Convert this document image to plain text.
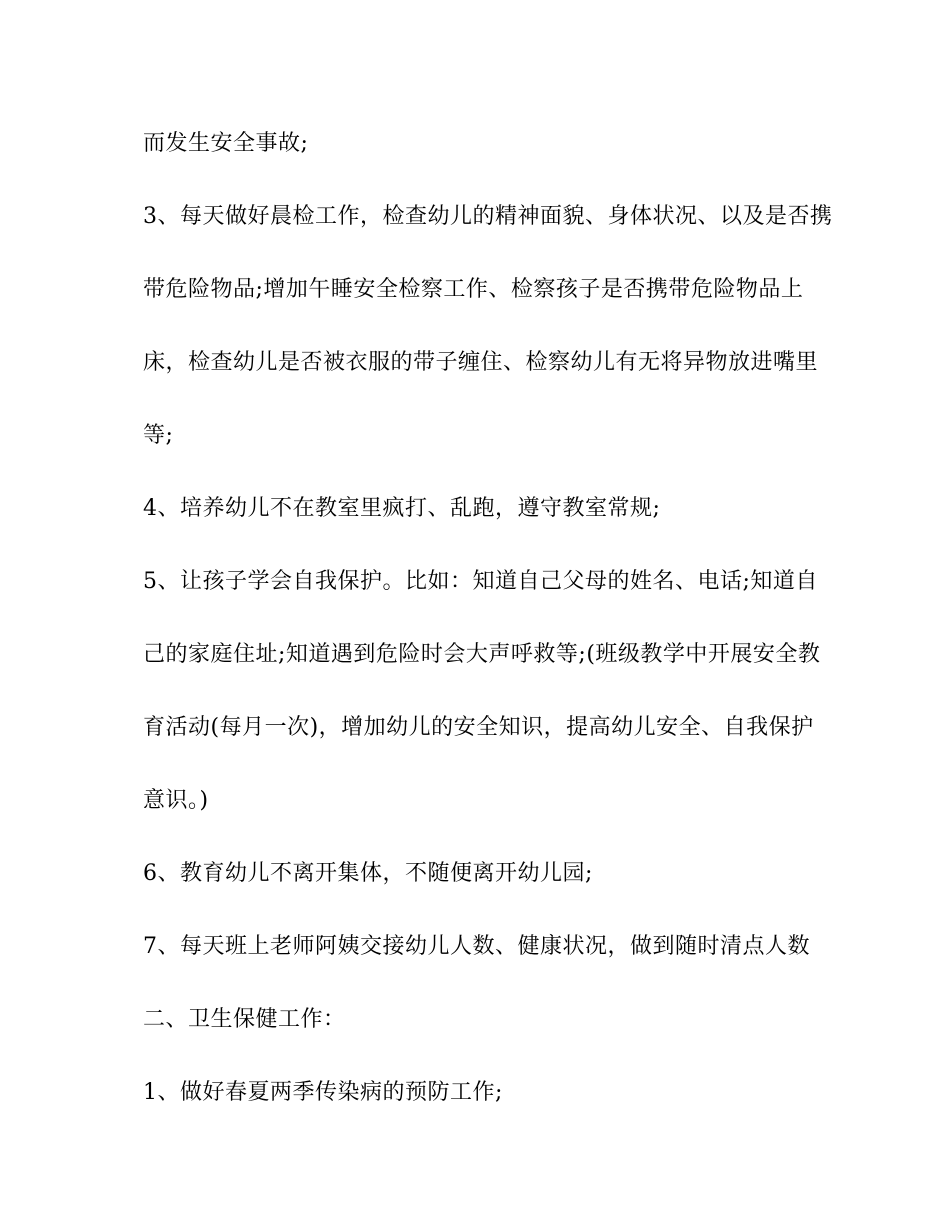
而发生安全事故;
3、每天做好晨检工作，检查幼儿的精神面貌、身体状况、以及是否携
带危险物品;增加午睡安全检察工作、检察孩子是否携带危险物品上
床，检查幼儿是否被衣服的带子缠住、检察幼儿有无将异物放进嘴里
等;
4、培养幼儿不在教室里疯打、乱跑，遵守教室常规;
5、让孩子学会自我保护。比如：知道自己父母的姓名、电话;知道自
己的家庭住址;知道遇到危险时会大声呼救等;(班级教学中开展安全教
育活动(每月一次)，增加幼儿的安全知识，提高幼儿安全、自我保护
意识。)
6、教育幼儿不离开集体，不随便离开幼儿园;
7、每天班上老师阿姨交接幼儿人数、健康状况，做到随时清点人数
二、卫生保健工作：
1、做好春夏两季传染病的预防工作;
